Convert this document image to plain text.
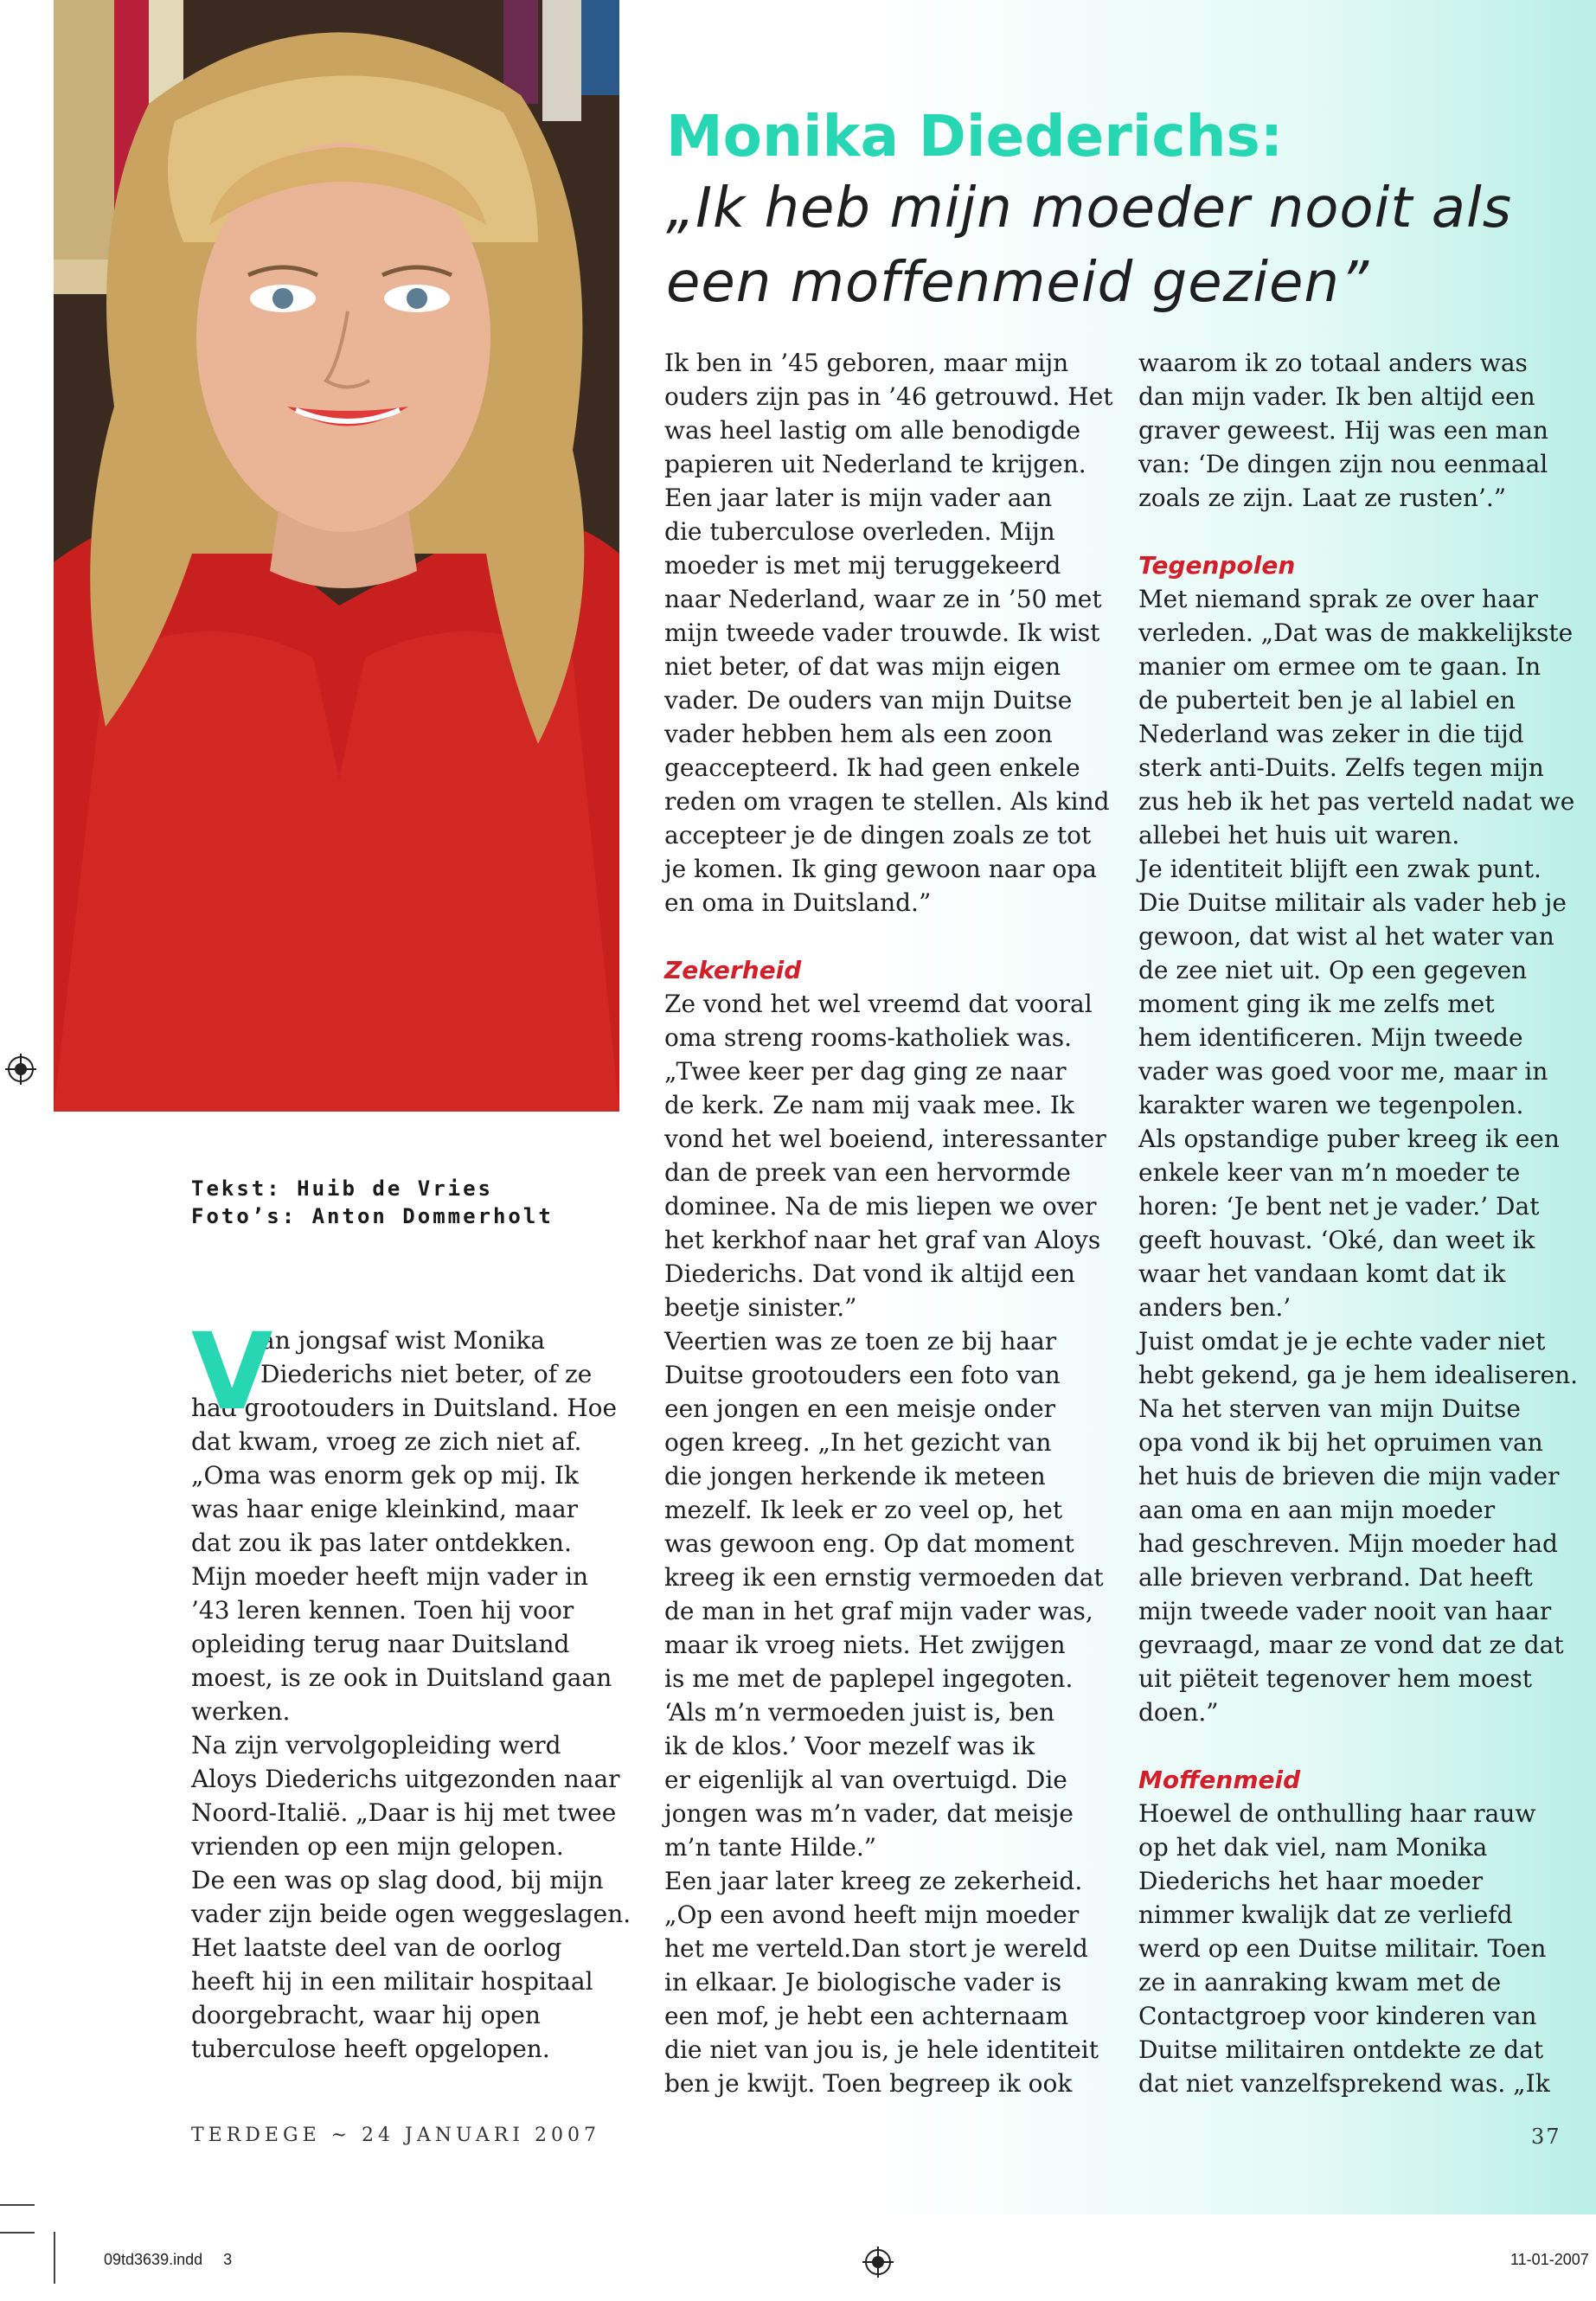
Tekst: Huib de Vries
Foto’s: Anton Dommerholt
Monika Diederichs:
„Ik heb mijn moeder nooit als
een moffenmeid gezien”
V

an jongsaf wist Monika
Diederichs niet beter, of ze
had grootouders in Duitsland. Hoe
dat kwam, vroeg ze zich niet af.
„Oma was enorm gek op mij. Ik
was haar enige kleinkind, maar
dat zou ik pas later ontdekken.
Mijn moeder heeft mijn vader in
’43 leren kennen. Toen hij voor
opleiding terug naar Duitsland
moest, is ze ook in Duitsland gaan
werken.
Na zijn vervolgopleiding werd
Aloys Diederichs uitgezonden naar
Noord-Italië. „Daar is hij met twee
vrienden op een mijn gelopen.
De een was op slag dood, bij mijn
vader zijn beide ogen weggeslagen.
Het laatste deel van de oorlog
heeft hij in een militair hospitaal
doorgebracht, waar hij open
tuberculose heeft opgelopen.

Ik ben in ’45 geboren, maar mijn
ouders zijn pas in ’46 getrouwd. Het
was heel lastig om alle benodigde
papieren uit Nederland te krijgen.
Een jaar later is mijn vader aan
die tuberculose overleden. Mijn
moeder is met mij teruggekeerd
naar Nederland, waar ze in ’50 met
mijn tweede vader trouwde. Ik wist
niet beter, of dat was mijn eigen
vader. De ouders van mijn Duitse
vader hebben hem als een zoon
geaccepteerd. Ik had geen enkele
reden om vragen te stellen. Als kind
accepteer je de dingen zoals ze tot
je komen. Ik ging gewoon naar opa
en oma in Duitsland.”

Zekerheid

Ze vond het wel vreemd dat vooral
oma streng rooms-katholiek was.
„Twee keer per dag ging ze naar
de kerk. Ze nam mij vaak mee. Ik
vond het wel boeiend, interessanter
dan de preek van een hervormde
dominee. Na de mis liepen we over
het kerkhof naar het graf van Aloys
Diederichs. Dat vond ik altijd een
beetje sinister.”
Veertien was ze toen ze bij haar
Duitse grootouders een foto van
een jongen en een meisje onder
ogen kreeg. „In het gezicht van
die jongen herkende ik meteen
mezelf. Ik leek er zo veel op, het
was gewoon eng. Op dat moment
kreeg ik een ernstig vermoeden dat
de man in het graf mijn vader was,
maar ik vroeg niets. Het zwijgen
is me met de paplepel ingegoten.
‘Als m’n vermoeden juist is, ben
ik de klos.’ Voor mezelf was ik
er eigenlijk al van overtuigd. Die
jongen was m’n vader, dat meisje
m’n tante Hilde.”
Een jaar later kreeg ze zekerheid.
„Op een avond heeft mijn moeder
het me verteld.Dan stort je wereld
in elkaar. Je biologische vader is
een mof, je hebt een achternaam
die niet van jou is, je hele identiteit
ben je kwijt. Toen begreep ik ook

waarom ik zo totaal anders was
dan mijn vader. Ik ben altijd een
graver geweest. Hij was een man
van: ‘De dingen zijn nou eenmaal
zoals ze zijn. Laat ze rusten’.”

Tegenpolen

Met niemand sprak ze over haar
verleden. „Dat was de makkelijkste
manier om ermee om te gaan. In
de puberteit ben je al labiel en
Nederland was zeker in die tijd
sterk anti-Duits. Zelfs tegen mijn
zus heb ik het pas verteld nadat we
allebei het huis uit waren.
Je identiteit blijft een zwak punt.
Die Duitse militair als vader heb je
gewoon, dat wist al het water van
de zee niet uit. Op een gegeven
moment ging ik me zelfs met
hem identificeren. Mijn tweede
vader was goed voor me, maar in
karakter waren we tegenpolen.
Als opstandige puber kreeg ik een
enkele keer van m’n moeder te
horen: ‘Je bent net je vader.’ Dat
geeft houvast. ‘Oké, dan weet ik
waar het vandaan komt dat ik
anders ben.’
Juist omdat je je echte vader niet
hebt gekend, ga je hem idealiseren.
Na het sterven van mijn Duitse
opa vond ik bij het opruimen van
het huis de brieven die mijn vader
aan oma en aan mijn moeder
had geschreven. Mijn moeder had
alle brieven verbrand. Dat heeft
mijn tweede vader nooit van haar
gevraagd, maar ze vond dat ze dat
uit piëteit tegenover hem moest
doen.”

Moffenmeid

Hoewel de onthulling haar rauw
op het dak viel, nam Monika
Diederichs het haar moeder
nimmer kwalijk dat ze verliefd
werd op een Duitse militair. Toen
ze in aanraking kwam met de
Contactgroep voor kinderen van
Duitse militairen ontdekte ze dat
dat niet vanzelfsprekend was. „Ik

TERDEGE ~ 24 JANUARI 2007	37
09td3639.indd 3	11-01-2007
